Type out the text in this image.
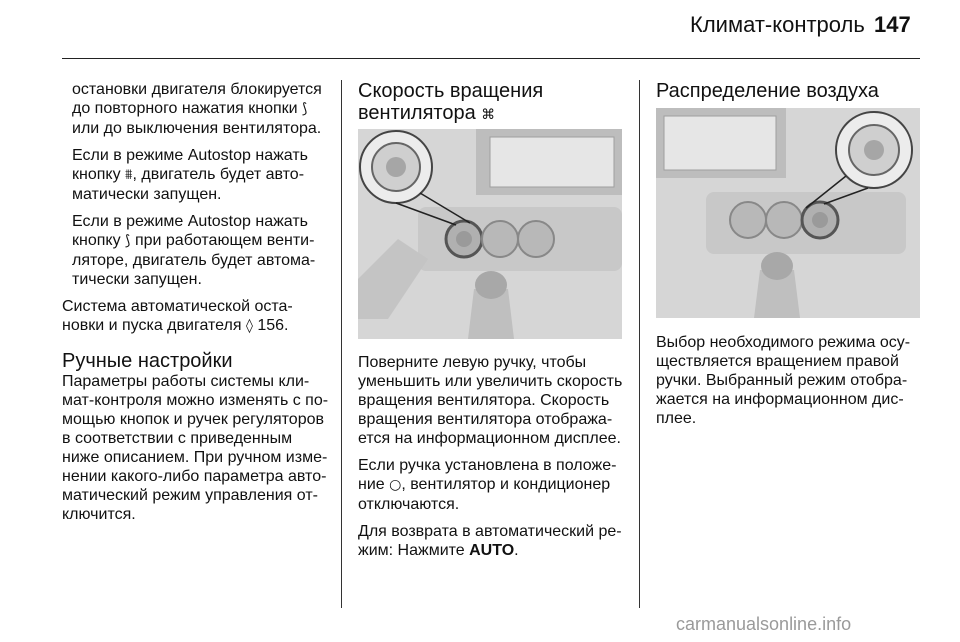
Климат-контроль 147

остановки двигателя блокируется
до повторного нажатия кнопки ⟆
или до выключения вентилятора.

Если в режиме Autostop нажать
кнопку ⩩, двигатель будет авто-
матически запущен.

Если в режиме Autostop нажать
кнопку ⟆ при работающем венти-
ляторе, двигатель будет автома-
тически запущен.

Система автоматической оста-
новки и пуска двигателя ◊ 156.

Ручные настройки

Параметры работы системы кли-
мат-контроля можно изменять с по-
мощью кнопок и ручек регуляторов
в соответствии с приведенным
ниже описанием. При ручном изме-
нении какого-либо параметра авто-
матический режим управления от-
ключится.

Скорость вращения
вентилятора ⌘

Поверните левую ручку, чтобы
уменьшить или увеличить скорость
вращения вентилятора. Скорость
вращения вентилятора отобража-
ется на информационном дисплее.

Если ручка установлена в положе-
ние ○, вентилятор и кондиционер
отключаются.

Для возврата в автоматический ре-
жим: Нажмите AUTO.

Распределение воздуха

Выбор необходимого режима осу-
ществляется вращением правой
ручки. Выбранный режим отобра-
жается на информационном дис-
плее.

carmanualsonline.info
